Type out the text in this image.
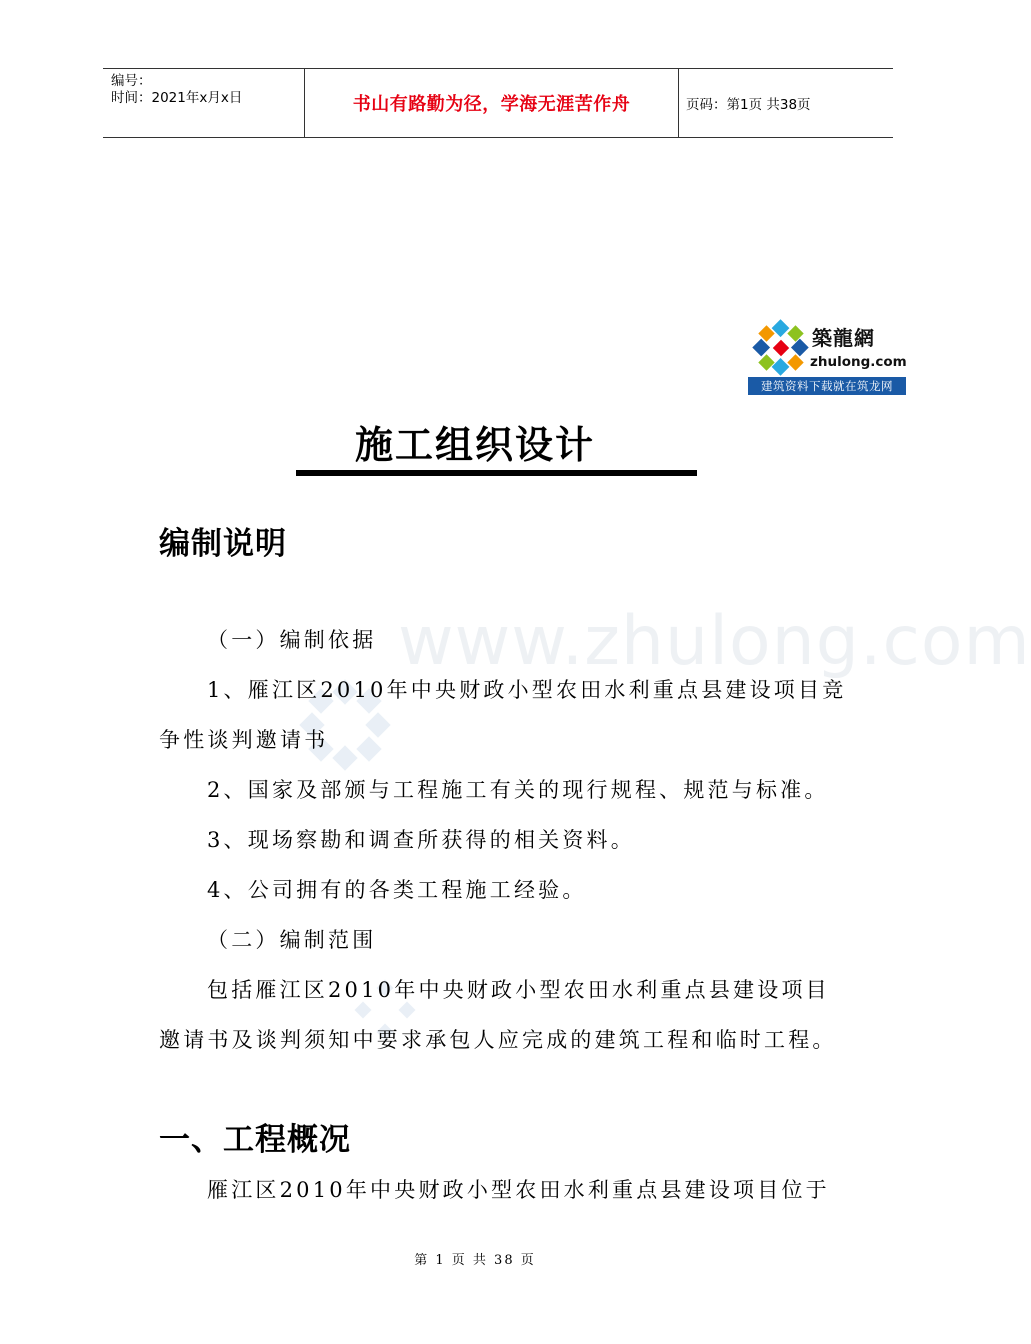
编号：
时间：2021年x月x日	书山有路勤为径，学海无涯苦作舟	页码：第1页 共38页
www.zhulong.com
築龍網
zhulong.com
建筑资料下载就在筑龙网
施工组织设计
编制说明
（一）编制依据
1、雁江区2010年中央财政小型农田水利重点县建设项目竞
争性谈判邀请书
2、国家及部颁与工程施工有关的现行规程、规范与标准。
3、现场察勘和调查所获得的相关资料。
4、公司拥有的各类工程施工经验。
（二）编制范围
包括雁江区2010年中央财政小型农田水利重点县建设项目
邀请书及谈判须知中要求承包人应完成的建筑工程和临时工程。
一、工程概况
雁江区2010年中央财政小型农田水利重点县建设项目位于
第 1 页 共 38 页
